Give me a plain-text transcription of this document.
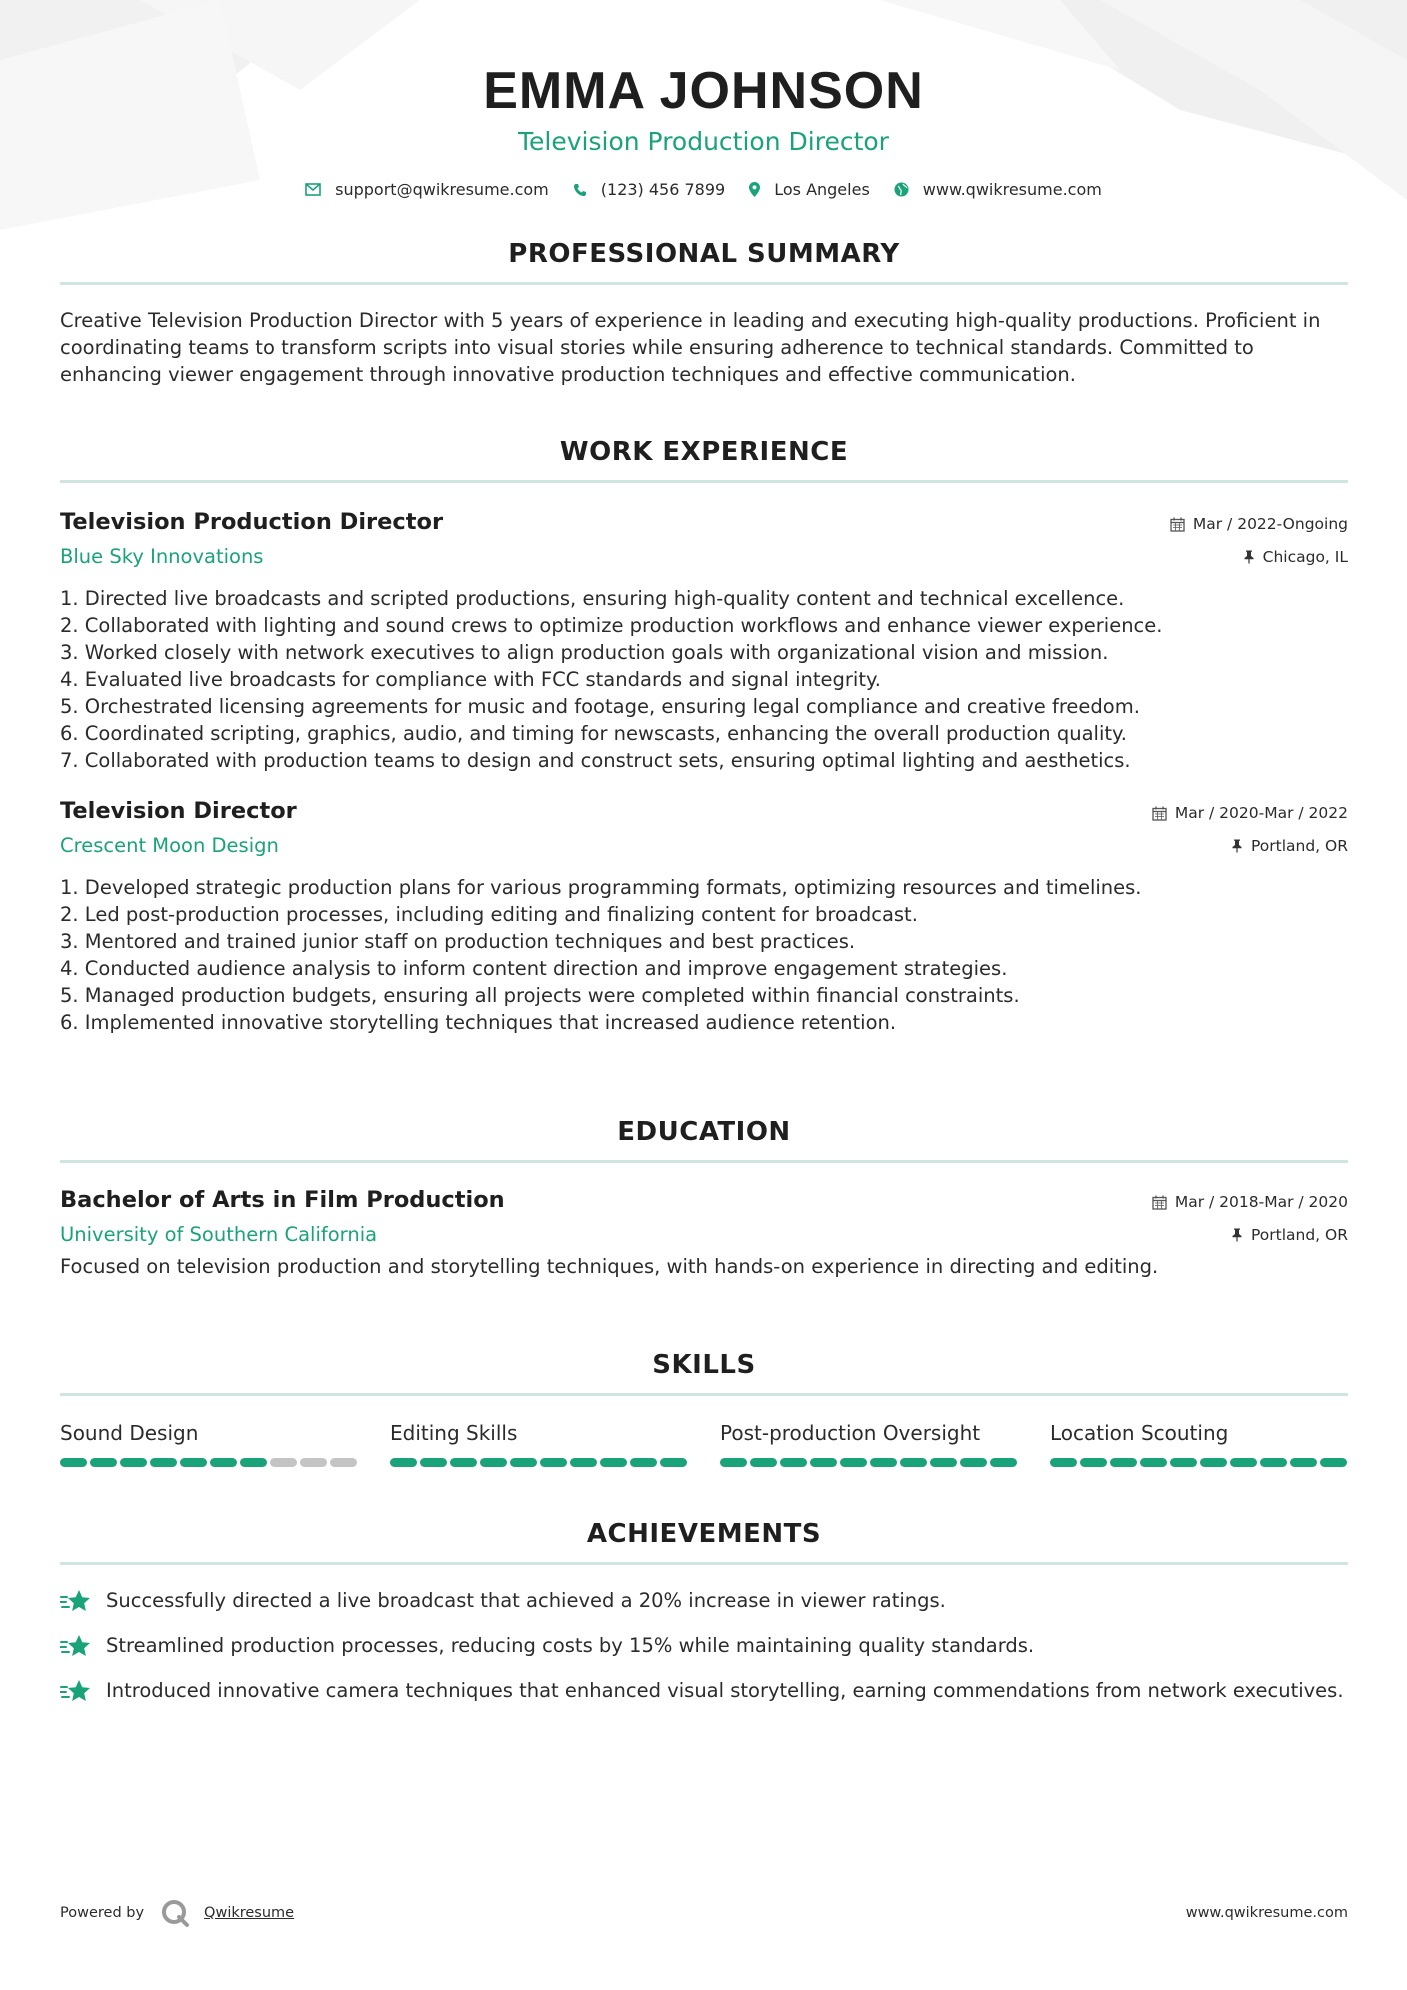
EMMA JOHNSON
Television Production Director
support@qwikresume.com	(123) 456 7899	Los Angeles	www.qwikresume.com
PROFESSIONAL SUMMARY

Creative Television Production Director with 5 years of experience in leading and executing high-quality productions. Proficient in coordinating teams to transform scripts into visual stories while ensuring adherence to technical standards. Committed to enhancing viewer engagement through innovative production techniques and effective communication.

WORK EXPERIENCE
Television Production Director
Blue Sky Innovations
Mar / 2022-Ongoing
Chicago, IL
1. Directed live broadcasts and scripted productions, ensuring high-quality content and technical excellence.
2. Collaborated with lighting and sound crews to optimize production workflows and enhance viewer experience.
3. Worked closely with network executives to align production goals with organizational vision and mission.
4. Evaluated live broadcasts for compliance with FCC standards and signal integrity.
5. Orchestrated licensing agreements for music and footage, ensuring legal compliance and creative freedom.
6. Coordinated scripting, graphics, audio, and timing for newscasts, enhancing the overall production quality.
7. Collaborated with production teams to design and construct sets, ensuring optimal lighting and aesthetics.
Television Director
Crescent Moon Design
Mar / 2020-Mar / 2022
Portland, OR
1. Developed strategic production plans for various programming formats, optimizing resources and timelines.
2. Led post-production processes, including editing and finalizing content for broadcast.
3. Mentored and trained junior staff on production techniques and best practices.
4. Conducted audience analysis to inform content direction and improve engagement strategies.
5. Managed production budgets, ensuring all projects were completed within financial constraints.
6. Implemented innovative storytelling techniques that increased audience retention.
EDUCATION
Bachelor of Arts in Film Production
University of Southern California
Mar / 2018-Mar / 2020
Portland, OR

Focused on television production and storytelling techniques, with hands-on experience in directing and editing.

SKILLS
Sound Design	Editing Skills	Post-production Oversight	Location Scouting
ACHIEVEMENTS
Successfully directed a live broadcast that achieved a 20% increase in viewer ratings.
Streamlined production processes, reducing costs by 15% while maintaining quality standards.
Introduced innovative camera techniques that enhanced visual storytelling, earning commendations from network executives.
Powered by	Qwikresume	www.qwikresume.com
